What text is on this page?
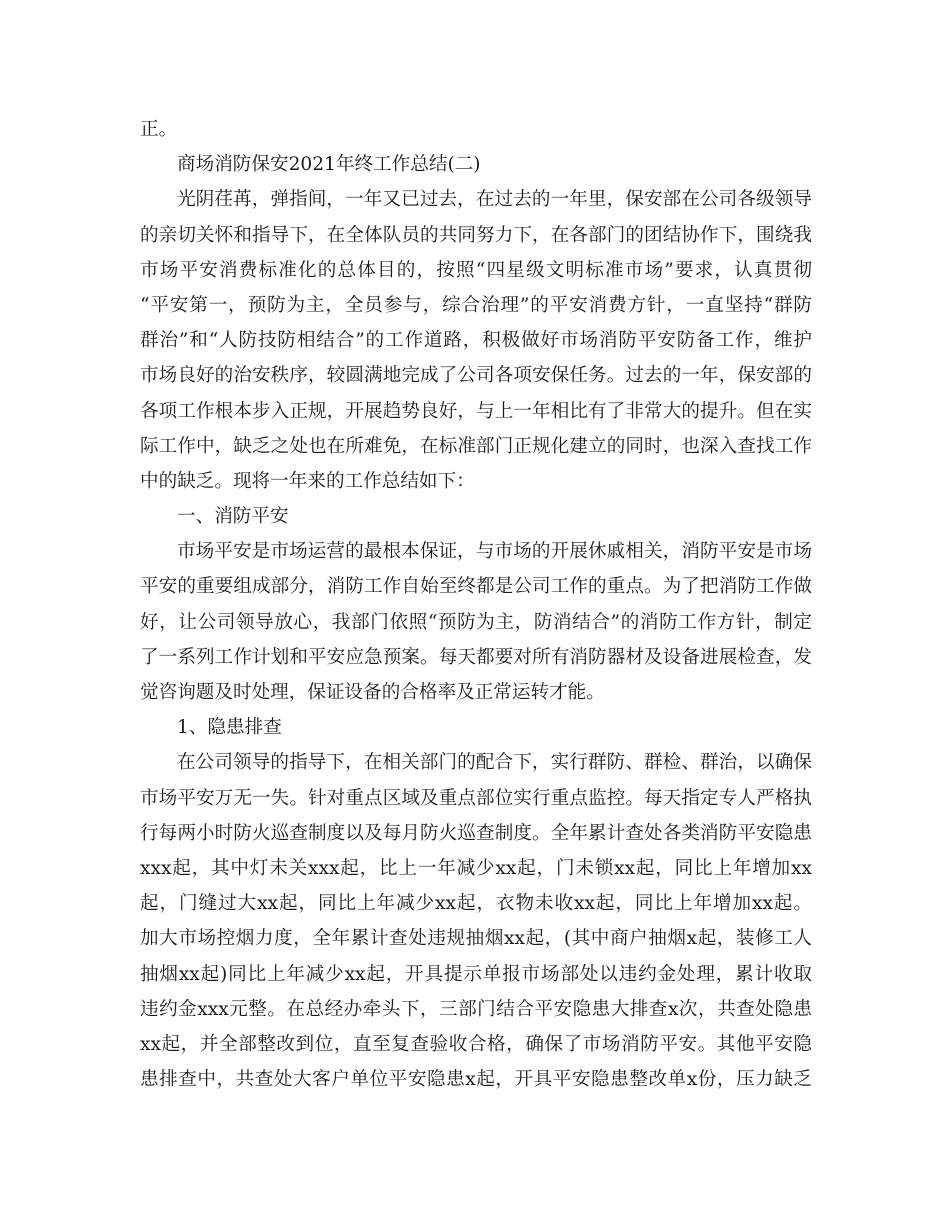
正。
商场消防保安2021年终工作总结(二)
光阴荏苒，弹指间，一年又已过去，在过去的一年里，保安部在公司各级领导
的亲切关怀和指导下，在全体队员的共同努力下，在各部门的团结协作下，围绕我
市场平安消费标准化的总体目的，按照“四星级文明标准市场”要求，认真贯彻
“平安第一，预防为主，全员参与，综合治理”的平安消费方针，一直坚持“群防
群治”和“人防技防相结合”的工作道路，积极做好市场消防平安防备工作，维护
市场良好的治安秩序，较圆满地完成了公司各项安保任务。过去的一年，保安部的
各项工作根本步入正规，开展趋势良好，与上一年相比有了非常大的提升。但在实
际工作中，缺乏之处也在所难免，在标准部门正规化建立的同时，也深入查找工作
中的缺乏。现将一年来的工作总结如下：
一、消防平安
市场平安是市场运营的最根本保证，与市场的开展休戚相关，消防平安是市场
平安的重要组成部分，消防工作自始至终都是公司工作的重点。为了把消防工作做
好，让公司领导放心，我部门依照“预防为主，防消结合”的消防工作方针，制定
了一系列工作计划和平安应急预案。每天都要对所有消防器材及设备进展检查，发
觉咨询题及时处理，保证设备的合格率及正常运转才能。
1、隐患排查
在公司领导的指导下，在相关部门的配合下，实行群防、群检、群治，以确保
市场平安万无一失。针对重点区域及重点部位实行重点监控。每天指定专人严格执
行每两小时防火巡查制度以及每月防火巡查制度。全年累计查处各类消防平安隐患
xxx起，其中灯未关xxx起，比上一年减少xx起，门未锁xx起，同比上年增加xx
起，门缝过大xx起，同比上年减少xx起，衣物未收xx起，同比上年增加xx起。
加大市场控烟力度，全年累计查处违规抽烟xx起，(其中商户抽烟x起，装修工人
抽烟xx起)同比上年减少xx起，开具提示单报市场部处以违约金处理，累计收取
违约金xxx元整。在总经办牵头下，三部门结合平安隐患大排查x次，共查处隐患
xx起，并全部整改到位，直至复查验收合格，确保了市场消防平安。其他平安隐
患排查中，共查处大客户单位平安隐患x起，开具平安隐患整改单x份，压力缺乏
